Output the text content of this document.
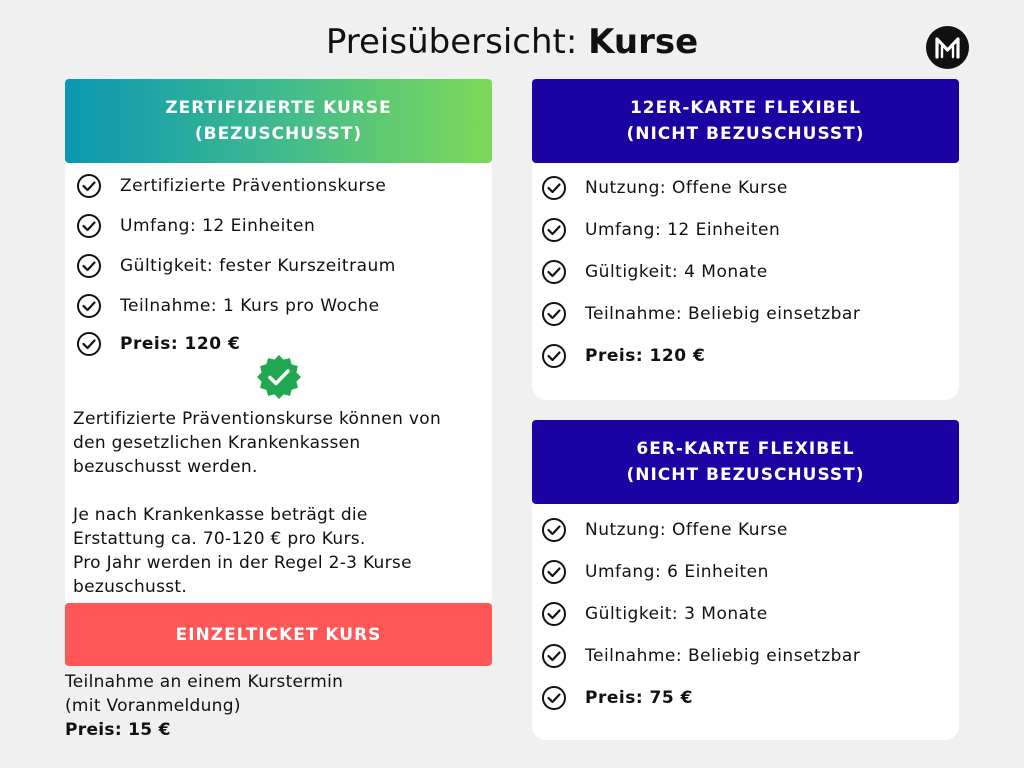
Preisübersicht: Kurse
ZERTIFIZIERTE KURSE
(BEZUSCHUSST)
Zertifizierte Präventionskurse
Umfang: 12 Einheiten
Gültigkeit: fester Kurszeitraum
Teilnahme: 1 Kurs pro Woche
Preis: 120 €
Zertifizierte Präventionskurse können von
den gesetzlichen Krankenkassen
bezuschusst werden.
Je nach Krankenkasse beträgt die
Erstattung ca. 70-120 € pro Kurs.
Pro Jahr werden in der Regel 2-3 Kurse
bezuschusst.
EINZELTICKET KURS
Teilnahme an einem Kurstermin
(mit Voranmeldung)
Preis: 15 €
12ER-KARTE FLEXIBEL
(NICHT BEZUSCHUSST)
Nutzung: Offene Kurse
Umfang: 12 Einheiten
Gültigkeit: 4 Monate
Teilnahme: Beliebig einsetzbar
Preis: 120 €
6ER-KARTE FLEXIBEL
(NICHT BEZUSCHUSST)
Nutzung: Offene Kurse
Umfang: 6 Einheiten
Gültigkeit: 3 Monate
Teilnahme: Beliebig einsetzbar
Preis: 75 €
